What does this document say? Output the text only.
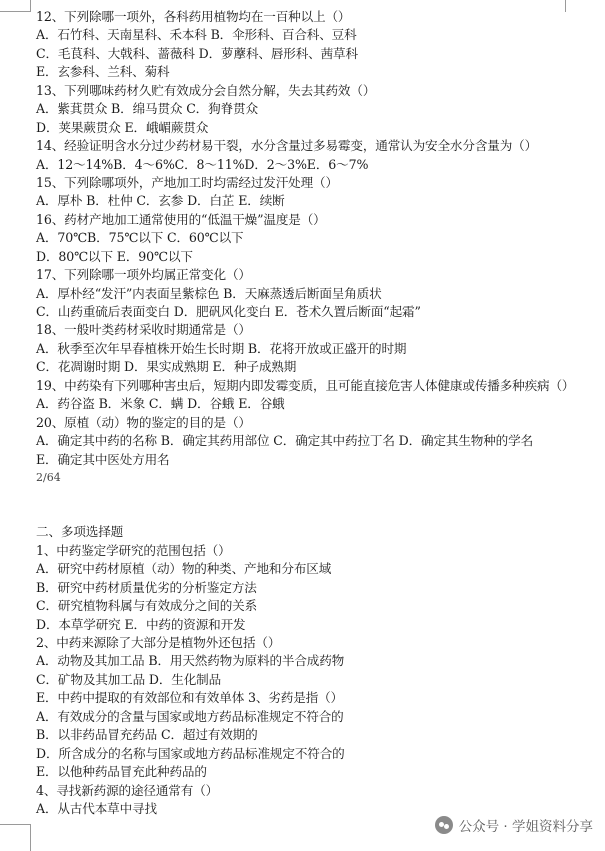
12、下列除哪一项外，各科药用植物均在一百种以上（）
A．石竹科、天南星科、禾本科 B．伞形科、百合科、豆科
C．毛茛科、大戟科、蔷薇科 D．萝藦科、唇形科、茜草科
E．玄参科、兰科、菊科
13、下列哪味药材久贮有效成分会自然分解，失去其药效（）
A．紫萁贯众 B．绵马贯众 C．狗脊贯众
D．荚果蕨贯众 E．峨嵋蕨贯众
14、经验证明含水分过少药材易干裂，水分含量过多易霉变，通常认为安全水分含量为（）
A．12～14%B．4～6%C．8～11%D．2～3%E．6～7%
15、下列除哪项外，产地加工时均需经过发汗处理（）
A．厚朴 B．杜仲 C．玄参 D．白芷 E．续断
16、药材产地加工通常使用的“低温干燥”温度是（）
A．70℃B．75℃以下 C．60℃以下
D．80℃以下 E．90℃以下
17、下列除哪一项外均属正常变化（）
A．厚朴经“发汗”内表面呈紫棕色 B．天麻蒸透后断面呈角质状
C．山药重硫后表面变白 D．肥矾风化变白 E．苍术久置后断面“起霜”
18、一般叶类药材采收时期通常是（）
A．秋季至次年早春植株开始生长时期 B．花将开放或正盛开的时期
C．花凋谢时期 D．果实成熟期 E．种子成熟期
19、中药染有下列哪种害虫后，短期内即发霉变质，且可能直接危害人体健康或传播多种疾病（）
A．药谷盗 B．米象 C．螨 D．谷蛾 E．谷蛾
20、原植（动）物的鉴定的目的是（）
A．确定其中药的名称 B．确定其药用部位 C．确定其中药拉丁名 D．确定其生物种的学名
E．确定其中医处方用名
2/64
二、多项选择题
1、中药鉴定学研究的范围包括（）
A．研究中药材原植（动）物的种类、产地和分布区域
B．研究中药材质量优劣的分析鉴定方法
C．研究植物科属与有效成分之间的关系
D．本草学研究 E．中药的资源和开发
2、中药来源除了大部分是植物外还包括（）
A．动物及其加工品 B．用天然药物为原料的半合成药物
C．矿物及其加工品 D．生化制品
E．中药中提取的有效部位和有效单体 3、劣药是指（）
A．有效成分的含量与国家或地方药品标准规定不符合的
B．以非药品冒充药品 C．超过有效期的
D．所含成分的名称与国家或地方药品标准规定不符合的
E．以他种药品冒充此种药品的
4、寻找新药源的途径通常有（）
A．从古代本草中寻找
公众号 · 学姐资料分享
